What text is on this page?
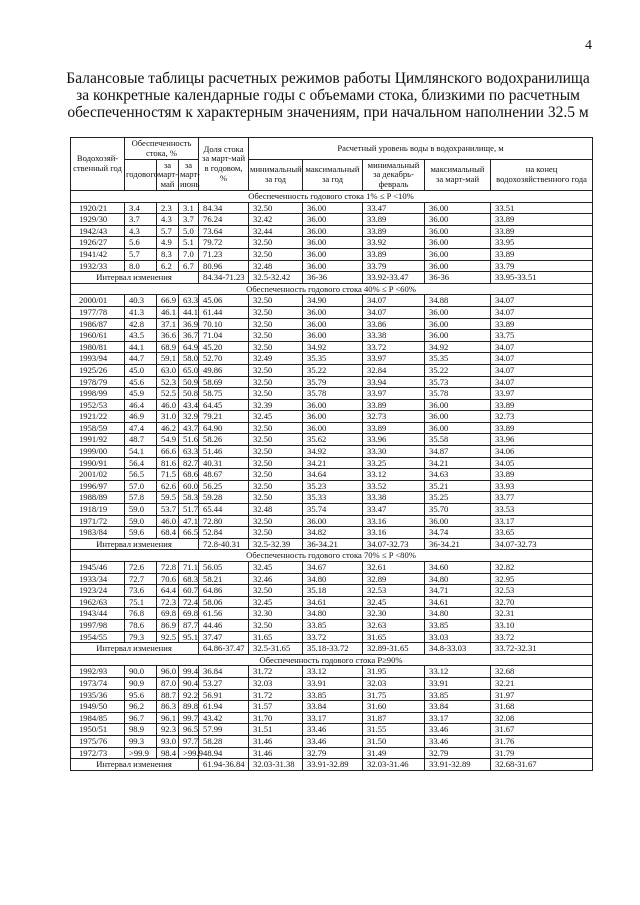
4
Балансовые таблицы расчетных режимов работы Цимлянского водохранилища
за конкретные календарные годы с объемами стока, близкими по расчетным
обеспеченностям к характерным значениям, при начальном наполнении 32.5 м
Водохозяй-ственный год	Обеспеченность стока, %			Доля стока за март-май в годовом, %	Расчетный уровень воды в водохранилище, м				
	годового	за март-май	за март-июнь		минимальный за год	максимальный за год	минимальный за декабрь-февраль	максимальный за март-май	на конец водохозяйственного года
Обеспеченность годового стока 1% ≤ P <10%									
1920/21	3.4	2.3	3.1	84.34	32.50	36.00	33.47	36.00	33.51
1929/30	3.7	4.3	3.7	76.24	32.42	36.00	33.89	36.00	33.89
1942/43	4.3	5.7	5.0	73.64	32.44	36.00	33.89	36.00	33.89
1926/27	5.6	4.9	5.1	79.72	32.50	36.00	33.92	36.00	33.95
1941/42	5.7	8.3	7.0	71.23	32.50	36.00	33.89	36.00	33.89
1932/33	8.0	6.2	6.7	80.96	32.48	36.00	33.79	36.00	33.79
Интервал изменения				84.34-71.23	32.5-32.42	36-36	33.92-33.47	36-36	33.95-33.51
Обеспеченность годового стока 40% ≤ P <60%									
2000/01	40.3	66.9	63.3	45.06	32.50	34.90	34.07	34.88	34.07
1977/78	41.3	46.1	44.1	61.44	32.50	36.00	34.07	36.00	34.07
1986/87	42.8	37.1	36.9	70.10	32.50	36.00	33.86	36.00	33.89
1960/61	43.5	36.6	36.7	71.04	32.50	36.00	33.38	36.00	33.75
1980/81	44.1	68.9	64.9	45.20	32.50	34.92	33.72	34.92	34.07
1993/94	44.7	59.1	58.0	52.70	32.49	35.35	33.97	35.35	34.07
1925/26	45.0	63.0	65.0	49.86	32.50	35.22	32.84	35.22	34.07
1978/79	45.6	52.3	50.9	58.69	32.50	35.79	33.94	35.73	34.07
1998/99	45.9	52.5	50.8	58.75	32.50	35.78	33.97	35.78	33.97
1952/53	46.4	46.0	43.4	64.45	32.39	36.00	33.89	36.00	33.89
1921/22	46.9	31.0	32.9	79.21	32.45	36.00	32.73	36.00	32.73
1958/59	47.4	46.2	43.7	64.90	32.50	36.00	33.89	36.00	33.89
1991/92	48.7	54.9	51.6	58.26	32.50	35.62	33.96	35.58	33.96
1999/00	54.1	66.6	63.3	51.46	32.50	34.92	33.30	34.87	34.06
1990/91	56.4	81.6	82.7	40.31	32.50	34.21	33.25	34.21	34.05
2001/02	56.5	71.5	68.6	48.67	32.50	34.64	33.12	34.63	33.89
1996/97	57.0	62.6	60.0	56.25	32.50	35.23	33.52	35.21	33.93
1988/89	57.8	59.5	58.3	59.28	32.50	35.33	33.38	35.25	33.77
1918/19	59.0	53.7	51.7	65.44	32.48	35.74	33.47	35.70	33.53
1971/72	59.0	46.0	47.1	72.80	32.50	36.00	33.16	36.00	33.17
1983/84	59.6	68.4	66.5	52.84	32.50	34.82	33.16	34.74	33.65
Интервал изменения				72.8-40.31	32.5-32.39	36-34.21	34.07-32.73	36-34.21	34.07-32.73
Обеспеченность годового стока 70% ≤ P <80%									
1945/46	72.6	72.8	71.1	56.05	32.45	34.67	32.61	34.60	32.82
1933/34	72.7	70.6	68.3	58.21	32.46	34.80	32.89	34.80	32.95
1923/24	73.6	64.4	60.7	64.86	32.50	35.18	32.53	34.71	32.53
1962/63	75.1	72.3	72.4	58.06	32.45	34.61	32.45	34.61	32.70
1943/44	76.8	69.8	69.8	61.56	32.30	34.80	32.30	34.80	32.31
1997/98	78.6	86.9	87.7	44.46	32.50	33.85	32.63	33.85	33.10
1954/55	79.3	92.5	95.1	37.47	31.65	33.72	31.65	33.03	33.72
Интервал изменения				64.86-37.47	32.5-31.65	35.18-33.72	32.89-31.65	34.8-33.03	33.72-32.31
Обеспеченность годового стока P≥90%									
1992/93	90.0	96.0	99.4	36.84	31.72	33.12	31.95	33.12	32.68
1973/74	90.9	87.0	90.4	53.27	32.03	33.91	32.03	33.91	32.21
1935/36	95.6	88.7	92.2	56.91	31.72	33.85	31.75	33.85	31.97
1949/50	96.2	86.3	89.8	61.94	31.57	33.84	31.60	33.84	31.68
1984/85	96.7	96.1	99.7	43.42	31.70	33.17	31.87	33.17	32.08
1950/51	98.9	92.3	96.5	57.99	31.51	33.46	31.55	33.46	31.67
1975/76	99.3	93.0	97.7	58.28	31.46	33.46	31.50	33.46	31.76
1972/73	>99.9	98.4	>99.9	48.94	31.46	32.79	31.49	32.79	31.79
Интервал изменения				61.94-36.84	32.03-31.38	33.91-32.89	32.03-31.46	33.91-32.89	32.68-31.67
